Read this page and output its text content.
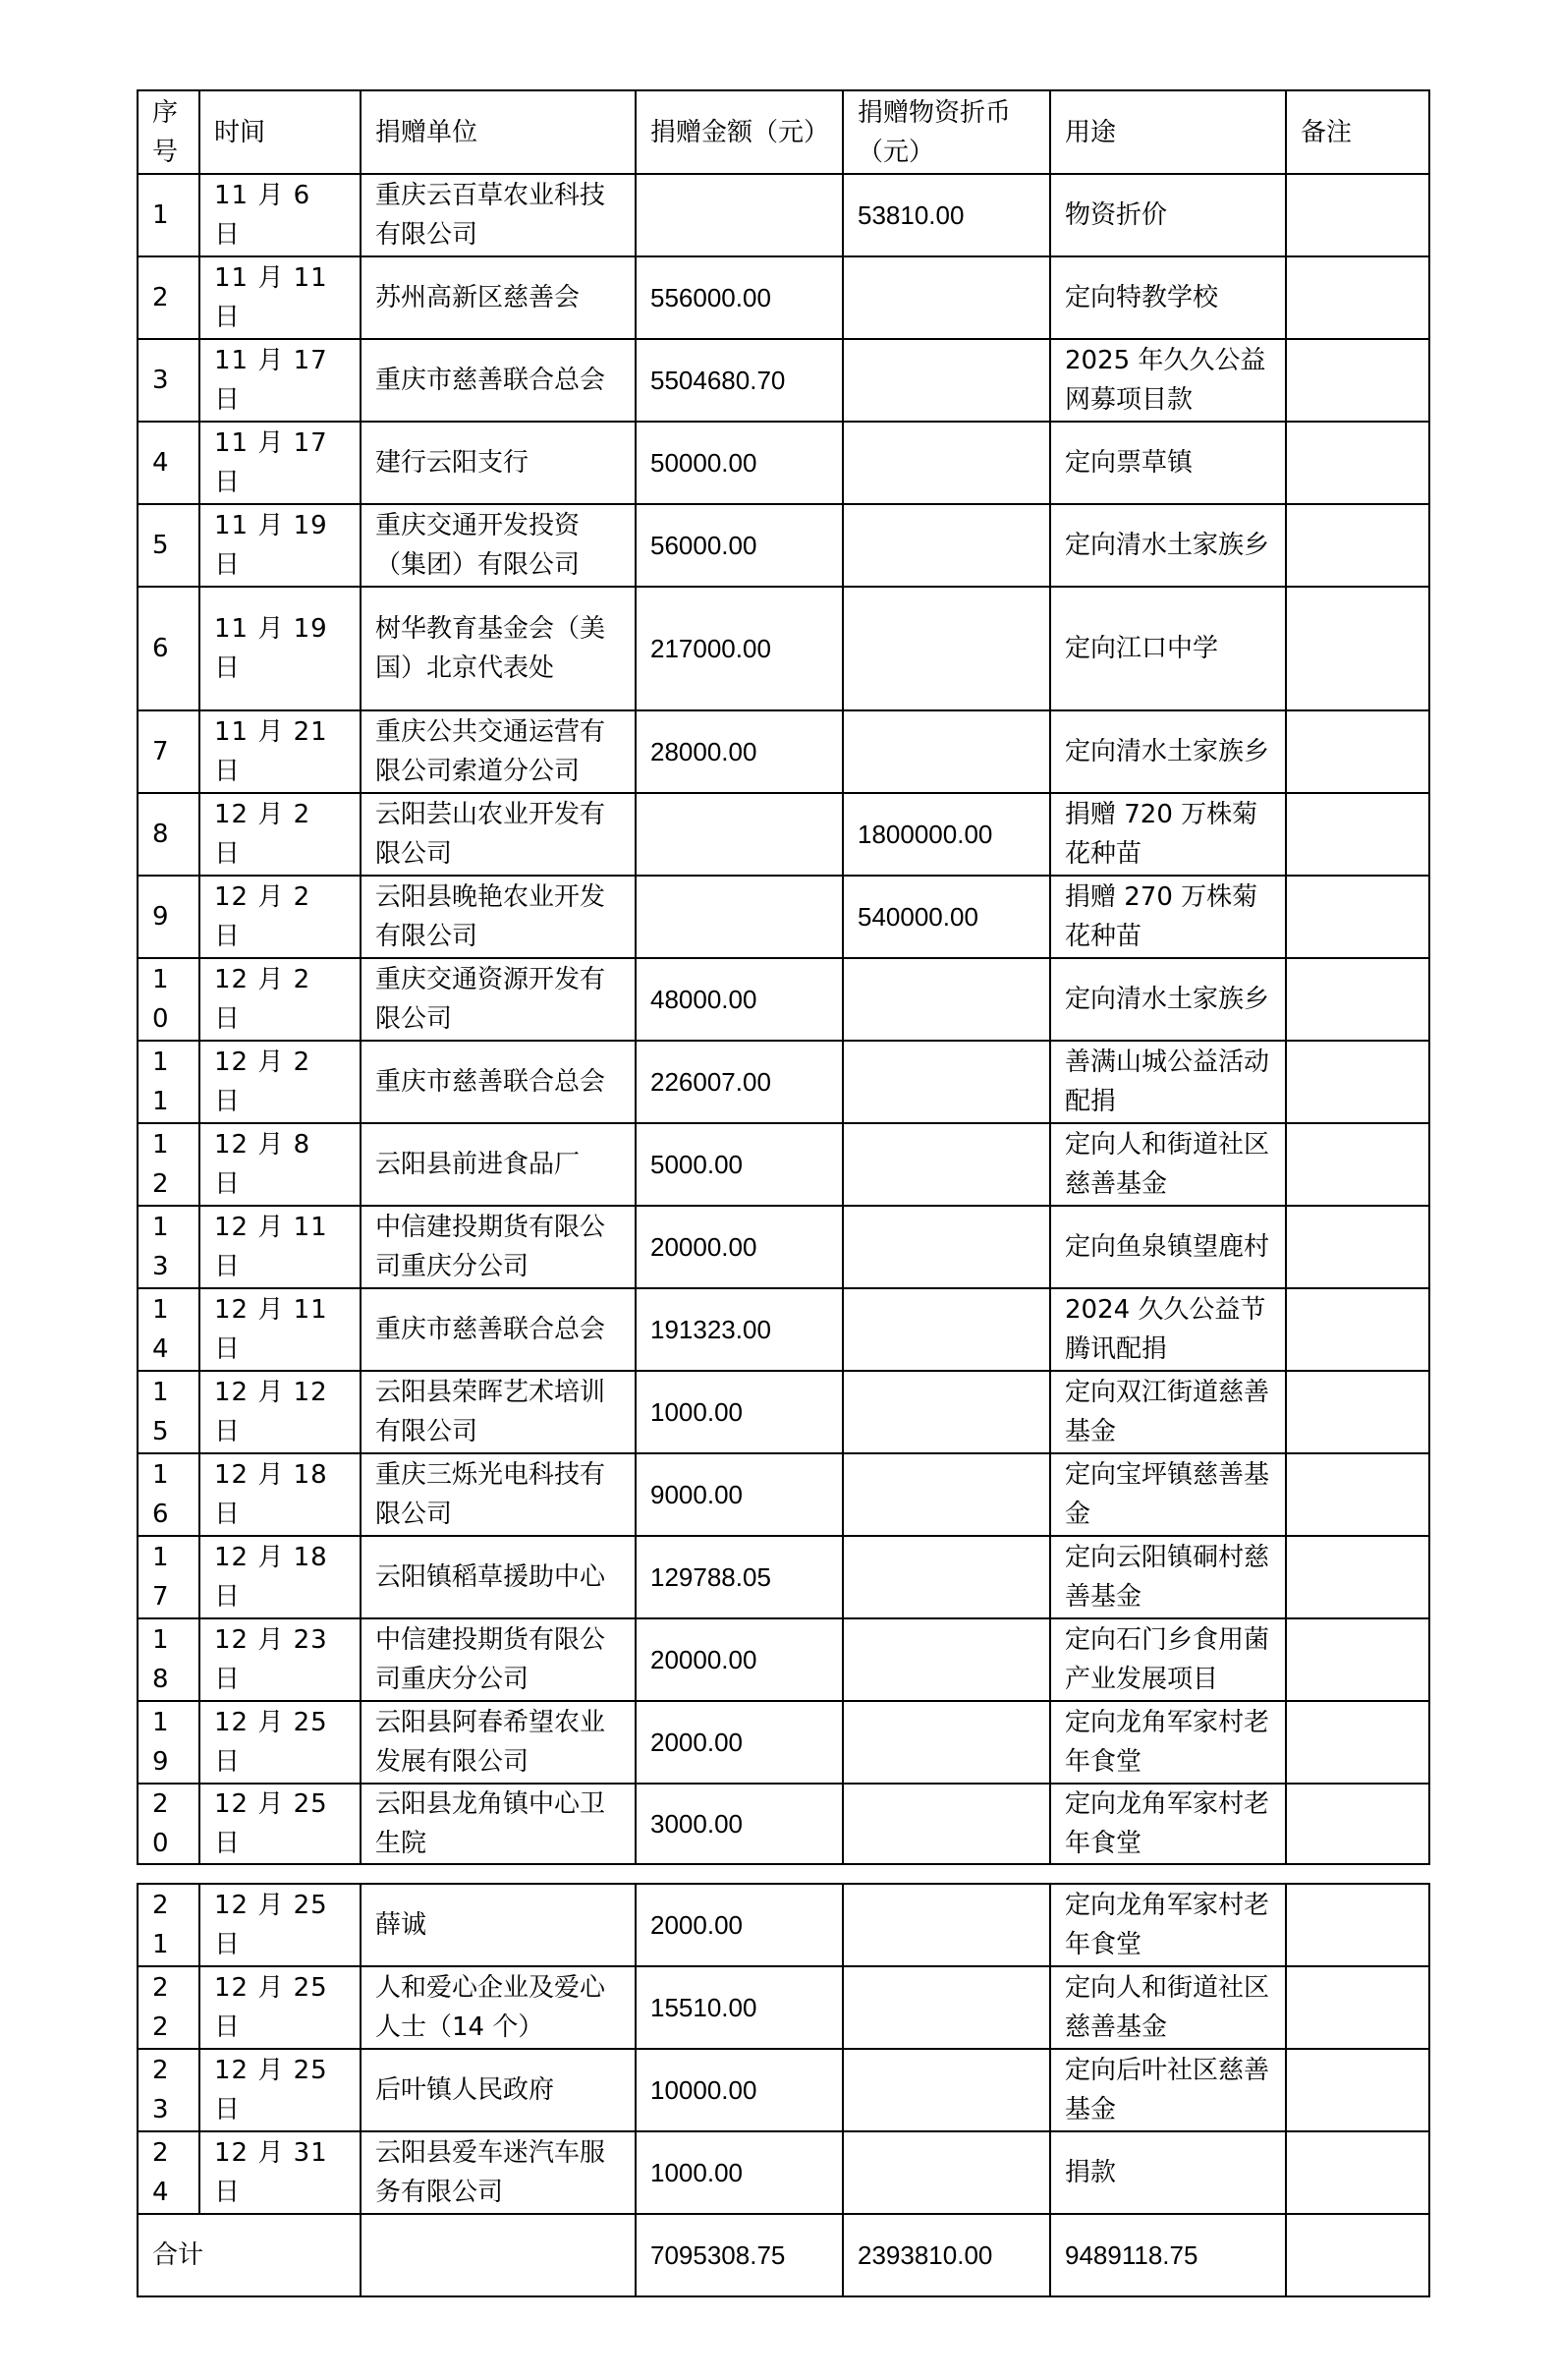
序号	时间	捐赠单位	捐赠金额（元）	捐赠物资折币（元）	用途	备注
1	11 月 6 日	重庆云百草农业科技有限公司		53810.00	物资折价	
2	11 月 11 日	苏州高新区慈善会	556000.00		定向特教学校	
3	11 月 17 日	重庆市慈善联合总会	5504680.70		2025 年久久公益网募项目款	
4	11 月 17 日	建行云阳支行	50000.00		定向票草镇	
5	11 月 19 日	重庆交通开发投资（集团）有限公司	56000.00		定向清水土家族乡	
6	11 月 19 日	树华教育基金会（美国）北京代表处	217000.00		定向江口中学	
7	11 月 21 日	重庆公共交通运营有限公司索道分公司	28000.00		定向清水土家族乡	
8	12 月 2 日	云阳芸山农业开发有限公司		1800000.00	捐赠 720 万株菊花种苗	
9	12 月 2 日	云阳县晚艳农业开发有限公司		540000.00	捐赠 270 万株菊花种苗	
10	12 月 2 日	重庆交通资源开发有限公司	48000.00		定向清水土家族乡	
11	12 月 2 日	重庆市慈善联合总会	226007.00		善满山城公益活动配捐	
12	12 月 8 日	云阳县前进食品厂	5000.00		定向人和街道社区慈善基金	
13	12 月 11 日	中信建投期货有限公司重庆分公司	20000.00		定向鱼泉镇望鹿村	
14	12 月 11 日	重庆市慈善联合总会	191323.00		2024 久久公益节腾讯配捐	
15	12 月 12 日	云阳县荣晖艺术培训有限公司	1000.00		定向双江街道慈善基金	
16	12 月 18 日	重庆三烁光电科技有限公司	9000.00		定向宝坪镇慈善基金	
17	12 月 18 日	云阳镇稻草援助中心	129788.05		定向云阳镇硐村慈善基金	
18	12 月 23 日	中信建投期货有限公司重庆分公司	20000.00		定向石门乡食用菌产业发展项目	
19	12 月 25 日	云阳县阿春希望农业发展有限公司	2000.00		定向龙角军家村老年食堂	
20	12 月 25 日	云阳县龙角镇中心卫生院	3000.00		定向龙角军家村老年食堂	
21	12 月 25 日	薛诚	2000.00		定向龙角军家村老年食堂	
22	12 月 25 日	人和爱心企业及爱心人士（14 个）	15510.00		定向人和街道社区慈善基金	
23	12 月 25 日	后叶镇人民政府	10000.00		定向后叶社区慈善基金	
24	12 月 31 日	云阳县爱车迷汽车服务有限公司	1000.00		捐款	
合计			7095308.75	2393810.00	9489118.75	
